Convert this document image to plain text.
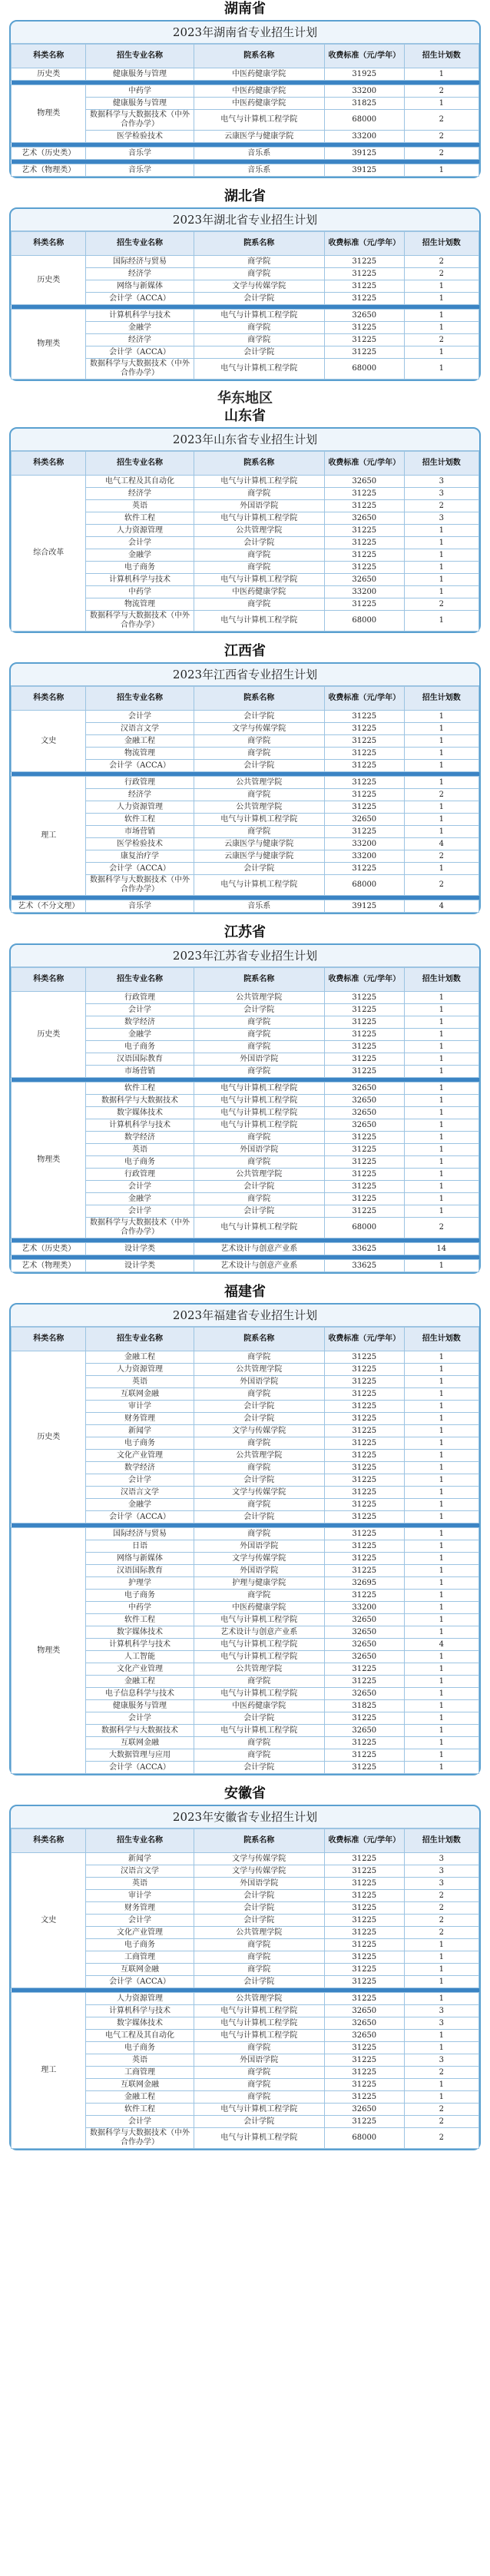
湖南省
2023年湖南省专业招生计划
科类名称	招生专业名称	院系名称	收费标准（元/学年）	招生计划数
历史类	健康服务与管理	中医药健康学院	31925	1

物理类	中药学	中医药健康学院	33200	2
	健康服务与管理	中医药健康学院	31825	1
	数据科学与大数据技术（中外合作办学）	电气与计算机工程学院	68000	2
	医学检验技术	云康医学与健康学院	33200	2

艺术（历史类）	音乐学	音乐系	39125	2

艺术（物理类）	音乐学	音乐系	39125	1
湖北省
2023年湖北省专业招生计划
科类名称	招生专业名称	院系名称	收费标准（元/学年）	招生计划数
历史类	国际经济与贸易	商学院	31225	2
	经济学	商学院	31225	2
	网络与新媒体	文学与传媒学院	31225	1
	会计学（ACCA）	会计学院	31225	1

物理类	计算机科学与技术	电气与计算机工程学院	32650	1
	金融学	商学院	31225	1
	经济学	商学院	31225	2
	会计学（ACCA）	会计学院	31225	1
	数据科学与大数据技术（中外合作办学）	电气与计算机工程学院	68000	1
华东地区
山东省
2023年山东省专业招生计划
科类名称	招生专业名称	院系名称	收费标准（元/学年）	招生计划数
综合改革	电气工程及其自动化	电气与计算机工程学院	32650	3
	经济学	商学院	31225	3
	英语	外国语学院	31225	2
	软件工程	电气与计算机工程学院	32650	3
	人力资源管理	公共管理学院	31225	1
	会计学	会计学院	31225	1
	金融学	商学院	31225	1
	电子商务	商学院	31225	1
	计算机科学与技术	电气与计算机工程学院	32650	1
	中药学	中医药健康学院	33200	1
	物流管理	商学院	31225	2
	数据科学与大数据技术（中外合作办学）	电气与计算机工程学院	68000	1
江西省
2023年江西省专业招生计划
科类名称	招生专业名称	院系名称	收费标准（元/学年）	招生计划数
文史	会计学	会计学院	31225	1
	汉语言文学	文学与传媒学院	31225	1
	金融工程	商学院	31225	1
	物流管理	商学院	31225	1
	会计学（ACCA）	会计学院	31225	1

理工	行政管理	公共管理学院	31225	1
	经济学	商学院	31225	2
	人力资源管理	公共管理学院	31225	1
	软件工程	电气与计算机工程学院	32650	1
	市场营销	商学院	31225	1
	医学检验技术	云康医学与健康学院	33200	4
	康复治疗学	云康医学与健康学院	33200	2
	会计学（ACCA）	会计学院	31225	1
	数据科学与大数据技术（中外合作办学）	电气与计算机工程学院	68000	2

艺术（不分文理）	音乐学	音乐系	39125	4
江苏省
2023年江苏省专业招生计划
科类名称	招生专业名称	院系名称	收费标准（元/学年）	招生计划数
历史类	行政管理	公共管理学院	31225	1
	会计学	会计学院	31225	1
	数学经济	商学院	31225	1
	金融学	商学院	31225	1
	电子商务	商学院	31225	1
	汉语国际教育	外国语学院	31225	1
	市场营销	商学院	31225	1

物理类	软件工程	电气与计算机工程学院	32650	1
	数据科学与大数据技术	电气与计算机工程学院	32650	1
	数字媒体技术	电气与计算机工程学院	32650	1
	计算机科学与技术	电气与计算机工程学院	32650	1
	数学经济	商学院	31225	1
	英语	外国语学院	31225	1
	电子商务	商学院	31225	1
	行政管理	公共管理学院	31225	1
	会计学	会计学院	31225	1
	金融学	商学院	31225	1
	会计学	会计学院	31225	1
	数据科学与大数据技术（中外合作办学）	电气与计算机工程学院	68000	2

艺术（历史类）	设计学类	艺术设计与创意产业系	33625	14

艺术（物理类）	设计学类	艺术设计与创意产业系	33625	1
福建省
2023年福建省专业招生计划
科类名称	招生专业名称	院系名称	收费标准（元/学年）	招生计划数
历史类	金融工程	商学院	31225	1
	人力资源管理	公共管理学院	31225	1
	英语	外国语学院	31225	1
	互联网金融	商学院	31225	1
	审计学	会计学院	31225	1
	财务管理	会计学院	31225	1
	新闻学	文学与传媒学院	31225	1
	电子商务	商学院	31225	1
	文化产业管理	公共管理学院	31225	1
	数学经济	商学院	31225	1
	会计学	会计学院	31225	1
	汉语言文学	文学与传媒学院	31225	1
	金融学	商学院	31225	1
	会计学（ACCA）	会计学院	31225	1

物理类	国际经济与贸易	商学院	31225	1
	日语	外国语学院	31225	1
	网络与新媒体	文学与传媒学院	31225	1
	汉语国际教育	外国语学院	31225	1
	护理学	护理与健康学院	32695	1
	电子商务	商学院	31225	1
	中药学	中医药健康学院	33200	1
	软件工程	电气与计算机工程学院	32650	1
	数字媒体技术	艺术设计与创意产业系	32650	1
	计算机科学与技术	电气与计算机工程学院	32650	4
	人工智能	电气与计算机工程学院	32650	1
	文化产业管理	公共管理学院	31225	1
	金融工程	商学院	31225	1
	电子信息科学与技术	电气与计算机工程学院	32650	1
	健康服务与管理	中医药健康学院	31825	1
	会计学	会计学院	31225	1
	数据科学与大数据技术	电气与计算机工程学院	32650	1
	互联网金融	商学院	31225	1
	大数据管理与应用	商学院	31225	1
	会计学（ACCA）	会计学院	31225	1
安徽省
2023年安徽省专业招生计划
科类名称	招生专业名称	院系名称	收费标准（元/学年）	招生计划数
文史	新闻学	文学与传媒学院	31225	3
	汉语言文学	文学与传媒学院	31225	3
	英语	外国语学院	31225	3
	审计学	会计学院	31225	2
	财务管理	会计学院	31225	2
	会计学	会计学院	31225	2
	文化产业管理	公共管理学院	31225	2
	电子商务	商学院	31225	1
	工商管理	商学院	31225	1
	互联网金融	商学院	31225	1
	会计学（ACCA）	会计学院	31225	1

理工	人力资源管理	公共管理学院	31225	1
	计算机科学与技术	电气与计算机工程学院	32650	3
	数字媒体技术	电气与计算机工程学院	32650	3
	电气工程及其自动化	电气与计算机工程学院	32650	1
	电子商务	商学院	31225	1
	英语	外国语学院	31225	3
	工商管理	商学院	31225	2
	互联网金融	商学院	31225	1
	金融工程	商学院	31225	1
	软件工程	电气与计算机工程学院	32650	2
	会计学	会计学院	31225	2
	数据科学与大数据技术（中外合作办学）	电气与计算机工程学院	68000	2
